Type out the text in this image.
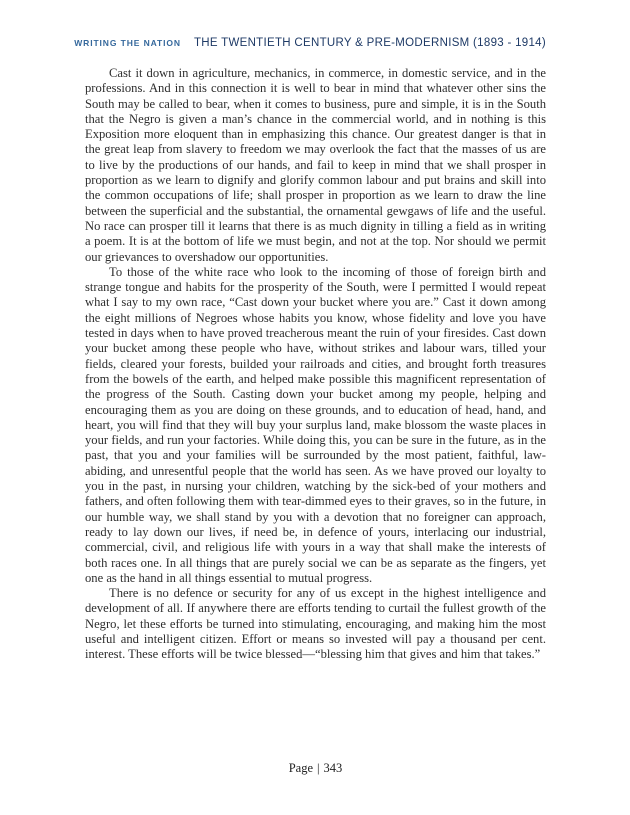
WRITING THE NATION THE TWENTIETH CENTURY & PRE-MODERNISM (1893 - 1914)

Cast it down in agriculture, mechanics, in commerce, in domestic service, and in the professions. And in this connection it is well to bear in mind that whatever other sins the South may be called to bear, when it comes to business, pure and simple, it is in the South that the Negro is given a man’s chance in the commercial world, and in nothing is this Exposition more eloquent than in emphasizing this chance. Our greatest danger is that in the great leap from slavery to freedom we may overlook the fact that the masses of us are to live by the productions of our hands, and fail to keep in mind that we shall prosper in proportion as we learn to dignify and glorify common labour and put brains and skill into the common occupations of life; shall prosper in proportion as we learn to draw the line between the superficial and the substantial, the ornamental gewgaws of life and the useful. No race can prosper till it learns that there is as much dignity in tilling a field as in writing a poem. It is at the bottom of life we must begin, and not at the top. Nor should we permit our grievances to overshadow our opportunities.

To those of the white race who look to the incoming of those of foreign birth and strange tongue and habits for the prosperity of the South, were I permitted I would repeat what I say to my own race, “Cast down your bucket where you are.” Cast it down among the eight millions of Negroes whose habits you know, whose fidelity and love you have tested in days when to have proved treacherous meant the ruin of your firesides. Cast down your bucket among these people who have, without strikes and labour wars, tilled your fields, cleared your forests, builded your railroads and cities, and brought forth treasures from the bowels of the earth, and helped make possible this magnificent representation of the progress of the South. Casting down your bucket among my people, helping and encouraging them as you are doing on these grounds, and to education of head, hand, and heart, you will find that they will buy your surplus land, make blossom the waste places in your fields, and run your factories. While doing this, you can be sure in the future, as in the past, that you and your families will be surrounded by the most patient, faithful, law-abiding, and unresentful people that the world has seen. As we have proved our loyalty to you in the past, in nursing your children, watching by the sick-bed of your mothers and fathers, and often following them with tear-dimmed eyes to their graves, so in the future, in our humble way, we shall stand by you with a devotion that no foreigner can approach, ready to lay down our lives, if need be, in defence of yours, interlacing our industrial, commercial, civil, and religious life with yours in a way that shall make the interests of both races one. In all things that are purely social we can be as separate as the fingers, yet one as the hand in all things essential to mutual progress.

There is no defence or security for any of us except in the highest intelligence and development of all. If anywhere there are efforts tending to curtail the fullest growth of the Negro, let these efforts be turned into stimulating, encouraging, and making him the most useful and intelligent citizen. Effort or means so invested will pay a thousand per cent. interest. These efforts will be twice blessed—“blessing him that gives and him that takes.”

Page | 343
